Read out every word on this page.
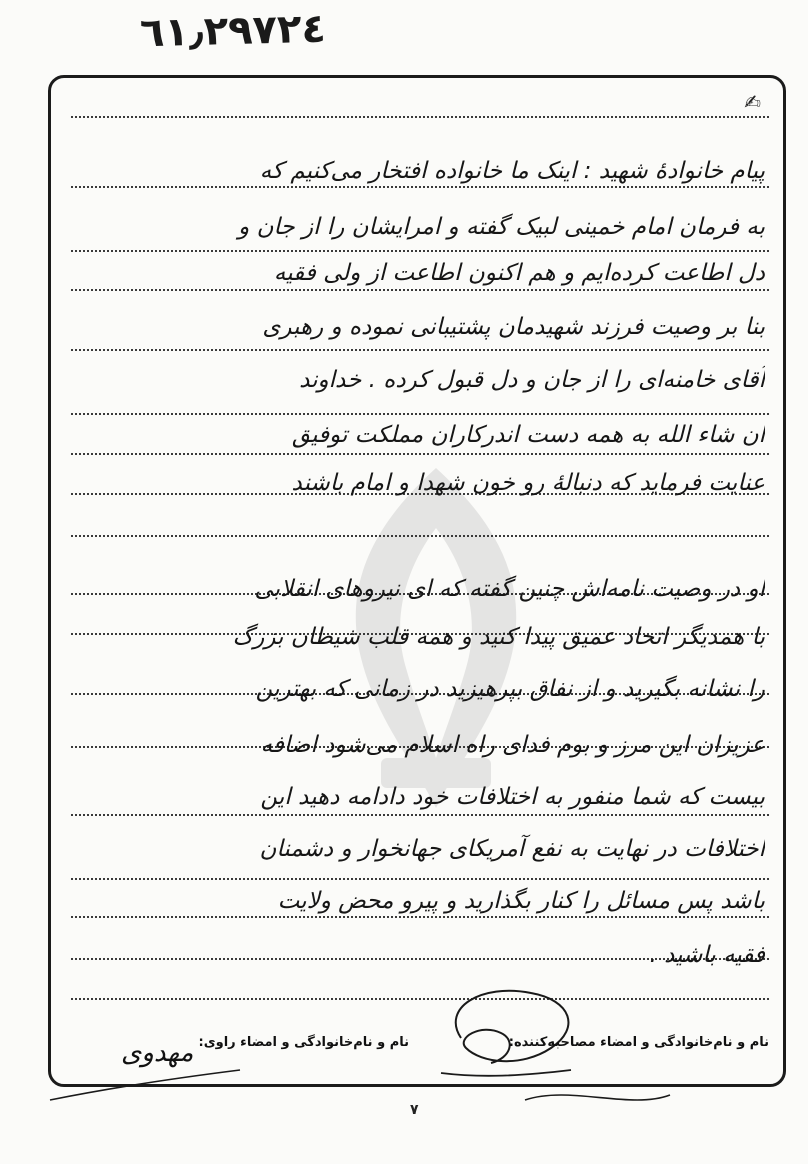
٦١٫٢٩٧٢٤
✍
پیام خانوادهٔ شهید : اینک ما خانواده افتخار می‌کنیم که
به فرمان امام خمینی لبیک گفته و امرایشان را از جان و
دل اطاعت کرده‌ایم و هم اکنون اطاعت از ولی فقیه
بنا بر وصیت فرزند شهیدمان پشتیبانی نموده و رهبری
آقای خامنه‌ای را از جان و دل قبول کرده . خداوند
ان شاء الله به همه دست اندرکاران مملکت توفیق
عنایت فرماید که دنبالهٔ رو خون شهدا و امام باشند
او در وصیت نامه‌اش چنین گفته که ای نیروهای انقلابی
با همدیگر اتحاد عمیق پیدا کنید و همه قلب شیطان بزرگ
را نشانه بگیرید و از نفاق بپرهیزید در زمانی که بهترین
عزیزان این مرز و بوم فدای راه اسلام می‌شود اضافه
بیست که شما منفور به اختلافات خود دادامه دهید این
اختلافات در نهایت به نفع آمریکای جهانخوار و دشمنان
باشد پس مسائل را کنار بگذارید و پیرو محض ولایت
فقیه باشید .
نام و نام‌خانوادگی و امضاء مصاحبه‌کننده:
نام و نام‌خانوادگی و امضاء راوی:
مهدوی
۷
